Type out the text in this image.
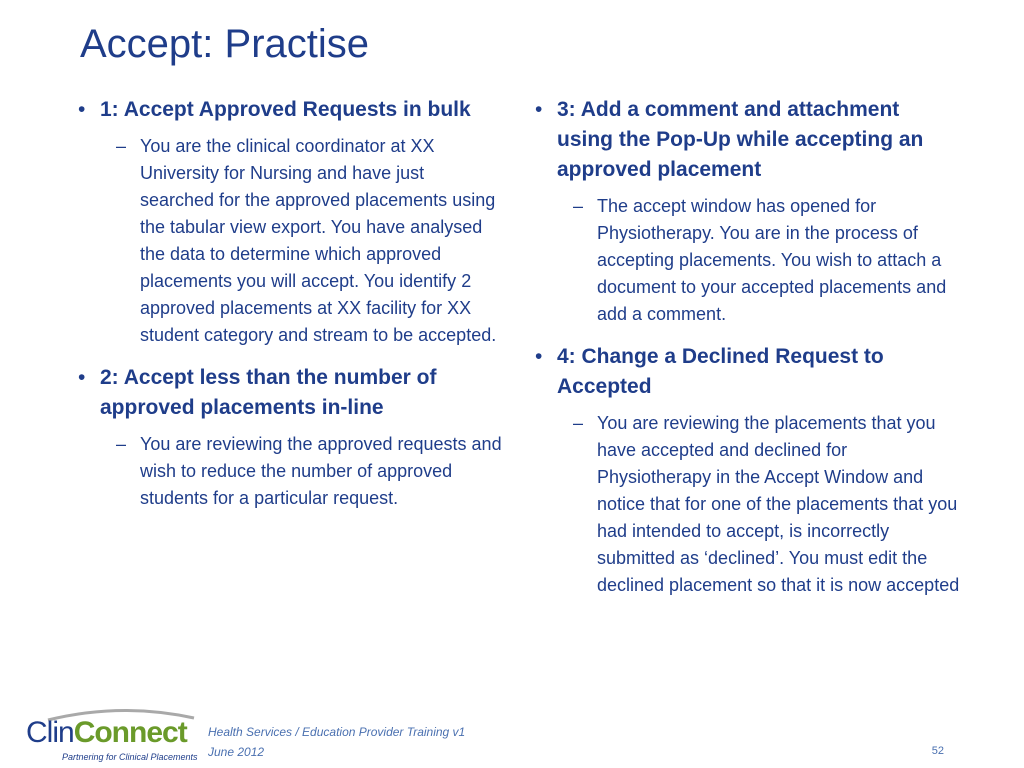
Accept: Practise
• 1: Accept Approved Requests in bulk
– You are the clinical coordinator at XX University for Nursing and have just searched for the approved placements using the tabular view export. You have analysed the data to determine which approved placements you will accept. You identify 2 approved placements at XX facility for XX student category and stream to be accepted.
• 2: Accept less than the number of approved placements in-line
– You are reviewing the approved requests and wish to reduce the number of approved students for a particular request.
• 3: Add a comment and attachment using the Pop-Up while accepting an approved placement
– The accept window has opened for Physiotherapy. You are in the process of accepting placements. You wish to attach a document to your accepted placements and add a comment.
• 4: Change a Declined Request to Accepted
– You are reviewing the placements that you have accepted and declined for Physiotherapy in the Accept Window and notice that for one of the placements that you had intended to accept, is incorrectly submitted as ‘declined’. You must edit the declined placement so that it is now accepted
ClinConnect
Partnering for Clinical Placements
Health Services / Education Provider Training v1
June 2012	52
